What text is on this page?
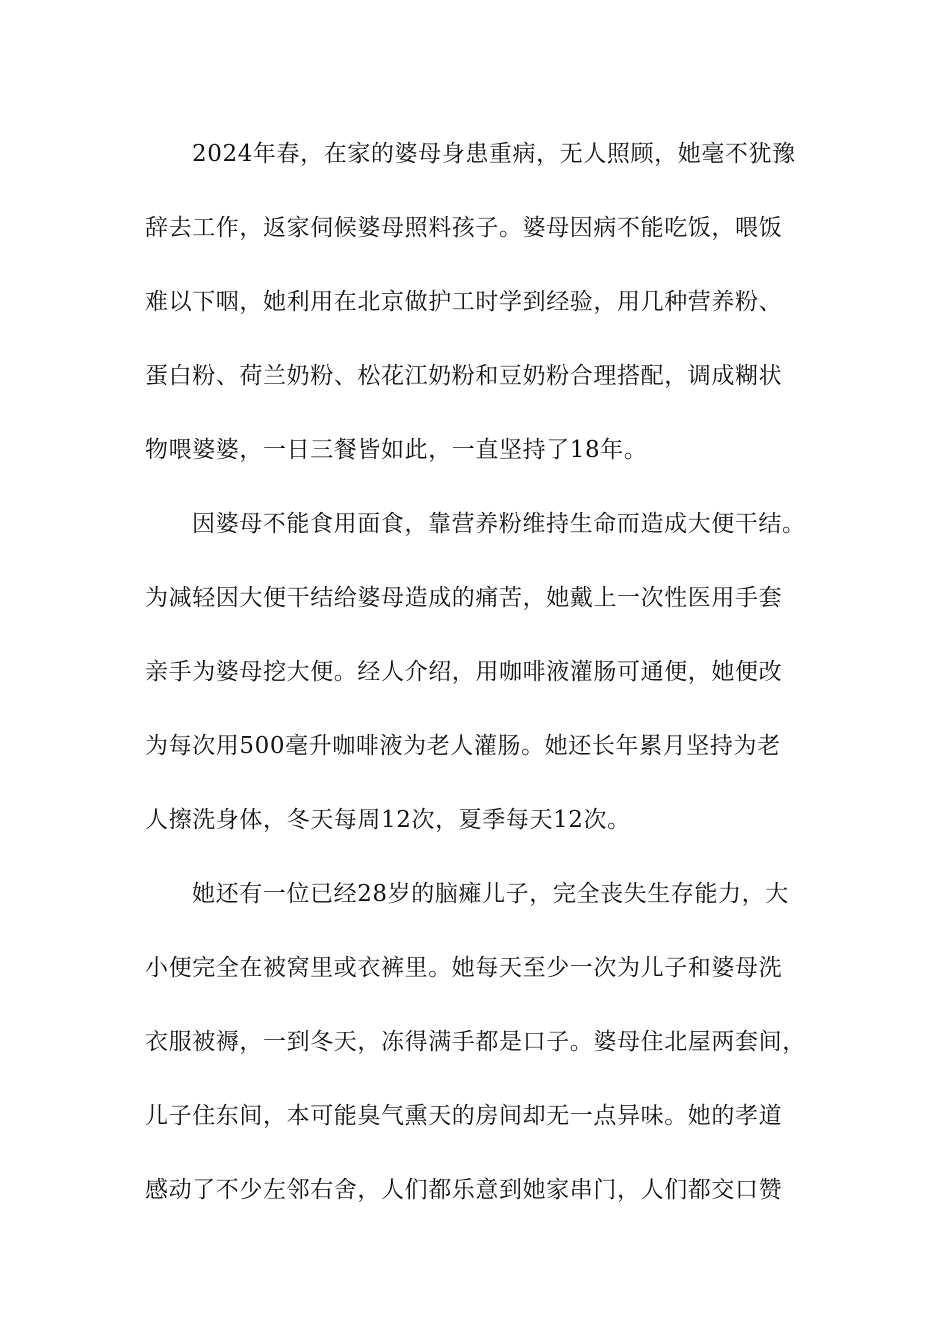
2024年春，在家的婆母身患重病，无人照顾，她毫不犹豫
辞去工作，返家伺候婆母照料孩子。婆母因病不能吃饭，喂饭
难以下咽，她利用在北京做护工时学到经验，用几种营养粉、
蛋白粉、荷兰奶粉、松花江奶粉和豆奶粉合理搭配，调成糊状
物喂婆婆，一日三餐皆如此，一直坚持了18年。
因婆母不能食用面食，靠营养粉维持生命而造成大便干结。
为减轻因大便干结给婆母造成的痛苦，她戴上一次性医用手套
亲手为婆母挖大便。经人介绍，用咖啡液灌肠可通便，她便改
为每次用500毫升咖啡液为老人灌肠。她还长年累月坚持为老
人擦洗身体，冬天每周12次，夏季每天12次。
她还有一位已经28岁的脑瘫儿子，完全丧失生存能力，大
小便完全在被窝里或衣裤里。她每天至少一次为儿子和婆母洗
衣服被褥，一到冬天，冻得满手都是口子。婆母住北屋两套间，
儿子住东间，本可能臭气熏天的房间却无一点异味。她的孝道
感动了不少左邻右舍，人们都乐意到她家串门，人们都交口赞
